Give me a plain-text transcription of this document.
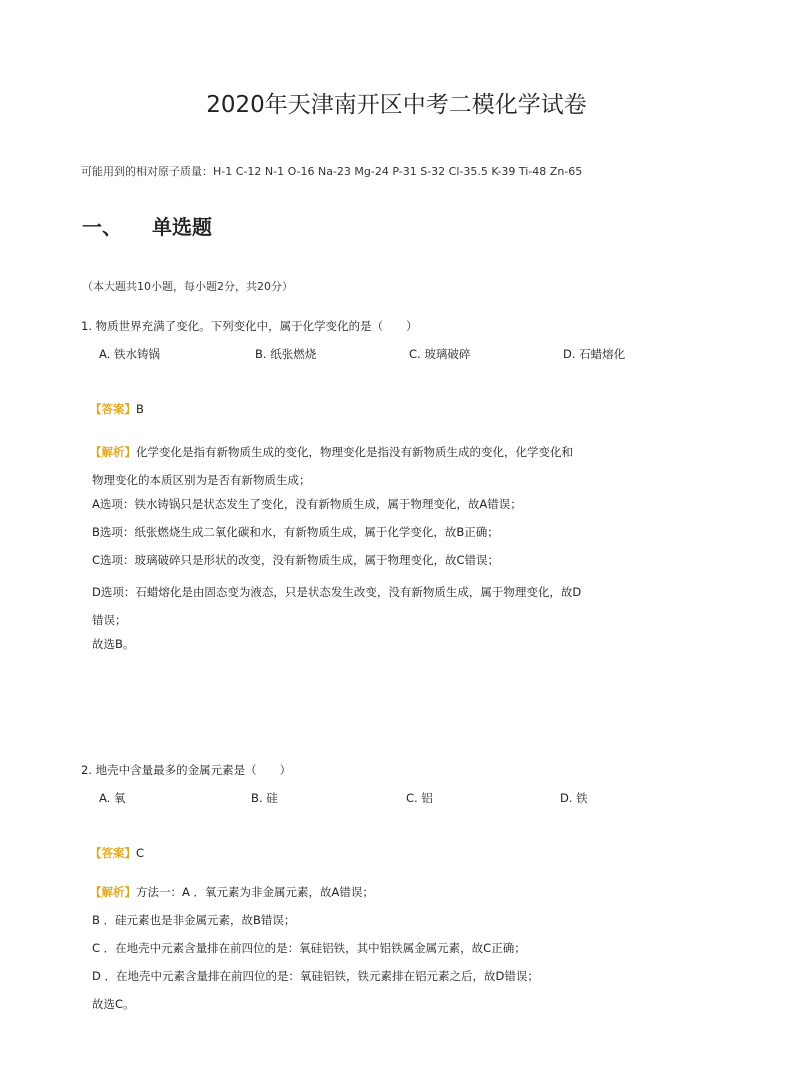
2020年天津南开区中考二模化学试卷
可能用到的相对原子质量：H-1 C-12 N-1 O-16 Na-23 Mg-24 P-31 S-32 Cl-35.5 K-39 Ti-48 Zn-65
一、 单选题
（本大题共10小题，每小题2分，共20分）
1. 物质世界充满了变化。下列变化中，属于化学变化的是（　　）
A. 铁水铸锅	B. 纸张燃烧	C. 玻璃破碎	D. 石蜡熔化
【 答案 】 B
【 解析 】 化学变化是指有新物质生成的变化，物理变化是指没有新物质生成的变化，化学变化和
物理变化的本质区别为是否有新物质生成；
A选项：铁水铸锅只是状态发生了变化，没有新物质生成，属于物理变化，故A错误；
B选项：纸张燃烧生成二氧化碳和水，有新物质生成，属于化学变化，故B正确；
C选项：玻璃破碎只是形状的改变，没有新物质生成，属于物理变化，故C错误；
D选项：石蜡熔化是由固态变为液态，只是状态发生改变，没有新物质生成，属于物理变化，故D
错误；
故选B。
2. 地壳中含量最多的金属元素是（　　）
A. 氧	B. 硅	C. 铝	D. 铁
【 答案 】 C
【 解析 】 方法一：A ．氧元素为非金属元素，故A错误；
B ．硅元素也是非金属元素，故B错误；
C ．在地壳中元素含量排在前四位的是：氧硅铝铁，其中铝铁属金属元素，故C正确；
D ．在地壳中元素含量排在前四位的是：氧硅铝铁，铁元素排在铝元素之后，故D错误；
故选C。
